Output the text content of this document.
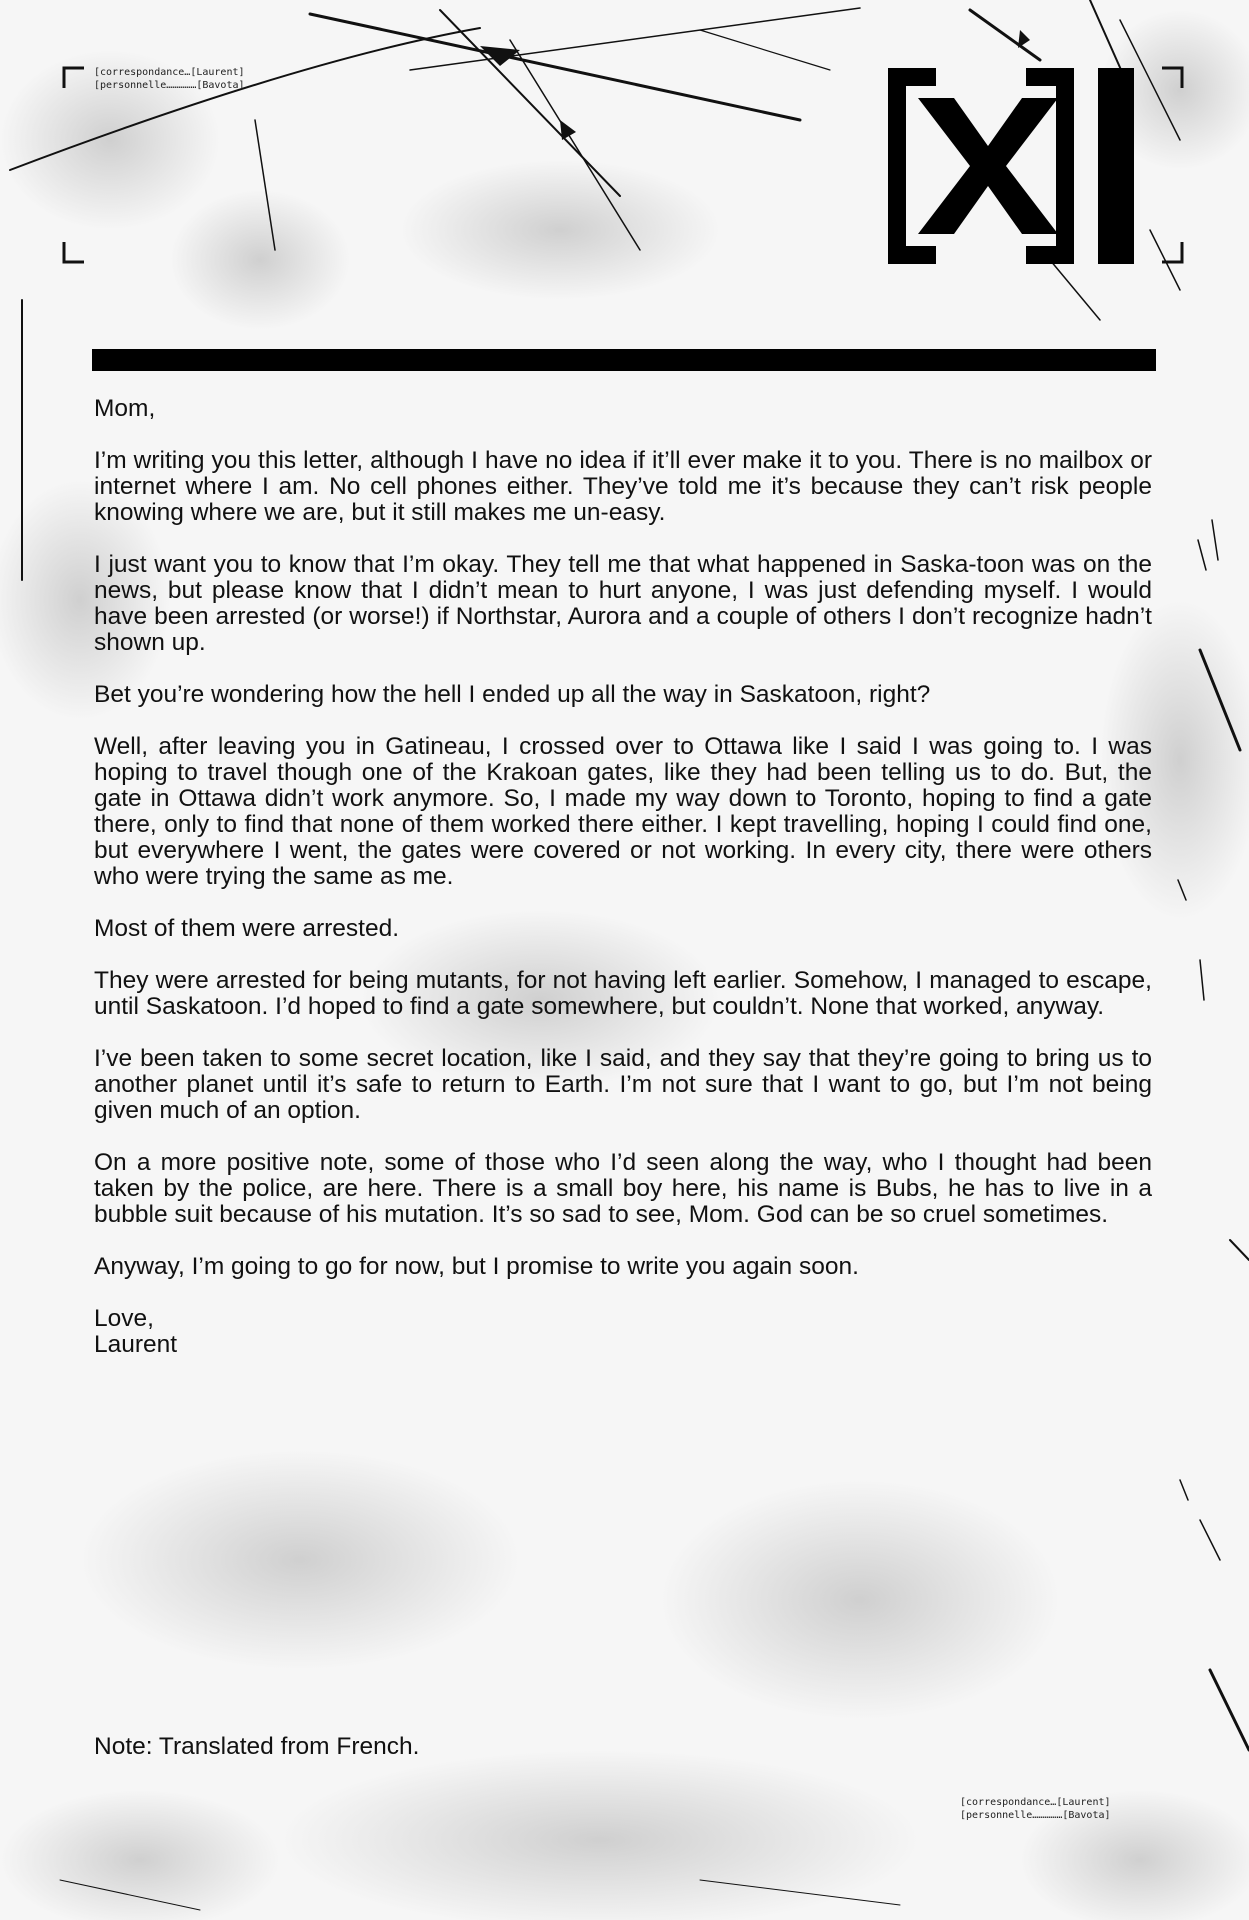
[correspondance…[Laurent]
[personnelle……………[Bavota]

Mom,

I’m writing you this letter, although I have no idea if it’ll ever make it to you. There is no mailbox or internet where I am. No cell phones either. They’ve told me it’s because they can’t risk people knowing where we are, but it still makes me un-easy.

I just want you to know that I’m okay. They tell me that what happened in Saska-toon was on the news, but please know that I didn’t mean to hurt anyone, I was just defending myself. I would have been arrested (or worse!) if Northstar, Aurora and a couple of others I don’t recognize hadn’t shown up.

Bet you’re wondering how the hell I ended up all the way in Saskatoon, right?

Well, after leaving you in Gatineau, I crossed over to Ottawa like I said I was going to. I was hoping to travel though one of the Krakoan gates, like they had been telling us to do. But, the gate in Ottawa didn’t work anymore. So, I made my way down to Toronto, hoping to find a gate there, only to find that none of them worked there either. I kept travelling, hoping I could find one, but everywhere I went, the gates were covered or not working. In every city, there were others who were trying the same as me.

Most of them were arrested.

They were arrested for being mutants, for not having left earlier. Somehow, I managed to escape, until Saskatoon. I’d hoped to find a gate somewhere, but couldn’t. None that worked, anyway.

I’ve been taken to some secret location, like I said, and they say that they’re going to bring us to another planet until it’s safe to return to Earth. I’m not sure that I want to go, but I’m not being given much of an option.

On a more positive note, some of those who I’d seen along the way, who I thought had been taken by the police, are here. There is a small boy here, his name is Bubs, he has to live in a bubble suit because of his mutation. It’s so sad to see, Mom. God can be so cruel sometimes.

Anyway, I’m going to go for now, but I promise to write you again soon.

Love,

Laurent

Note: Translated from French.
[correspondance…[Laurent]
[personnelle……………[Bavota]
